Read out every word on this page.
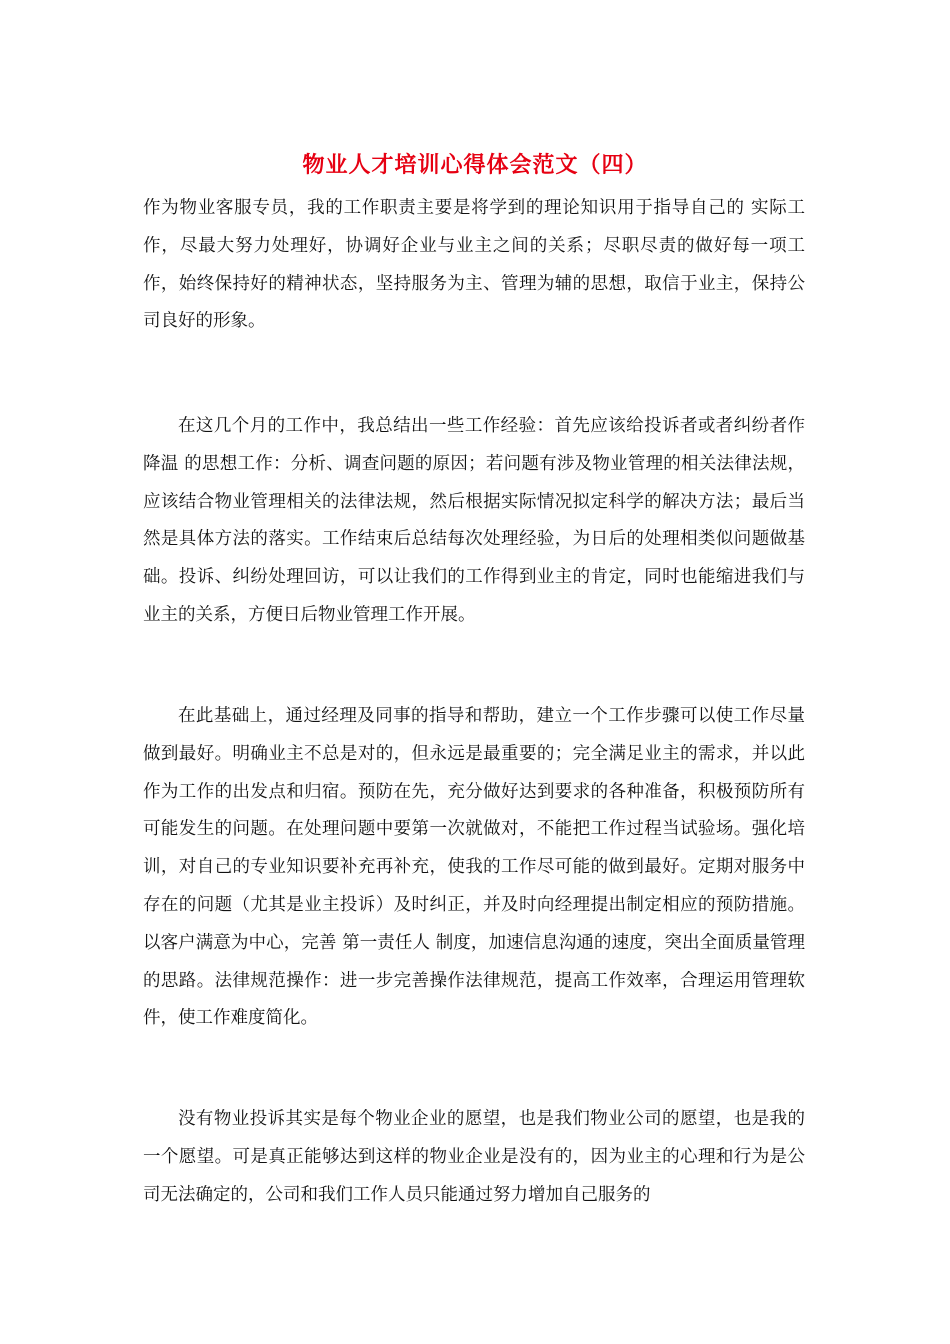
物业人才培训心得体会范文（四）

作为物业客服专员，我的工作职责主要是将学到的理论知识用于指导自己的 实际工作，尽最大努力处理好，协调好企业与业主之间的关系；尽职尽责的做好每一项工作，始终保持好的精神状态，坚持服务为主、管理为辅的思想，取信于业主，保持公司良好的形象。

在这几个月的工作中，我总结出一些工作经验：首先应该给投诉者或者纠纷者作 降温 的思想工作：分析、调查问题的原因；若问题有涉及物业管理的相关法律法规，应该结合物业管理相关的法律法规，然后根据实际情况拟定科学的解决方法；最后当然是具体方法的落实。工作结束后总结每次处理经验，为日后的处理相类似问题做基础。投诉、纠纷处理回访，可以让我们的工作得到业主的肯定，同时也能缩进我们与业主的关系，方便日后物业管理工作开展。

在此基础上，通过经理及同事的指导和帮助，建立一个工作步骤可以使工作尽量做到最好。明确业主不总是对的，但永远是最重要的；完全满足业主的需求，并以此作为工作的出发点和归宿。预防在先，充分做好达到要求的各种准备，积极预防所有可能发生的问题。在处理问题中要第一次就做对，不能把工作过程当试验场。强化培训，对自己的专业知识要补充再补充，使我的工作尽可能的做到最好。定期对服务中存在的问题（尤其是业主投诉）及时纠正，并及时向经理提出制定相应的预防措施。以客户满意为中心，完善 第一责任人 制度，加速信息沟通的速度，突出全面质量管理的思路。法律规范操作：进一步完善操作法律规范，提高工作效率，合理运用管理软件，使工作难度简化。

没有物业投诉其实是每个物业企业的愿望，也是我们物业公司的愿望，也是我的一个愿望。可是真正能够达到这样的物业企业是没有的，因为业主的心理和行为是公司无法确定的，公司和我们工作人员只能通过努力增加自己服务的
